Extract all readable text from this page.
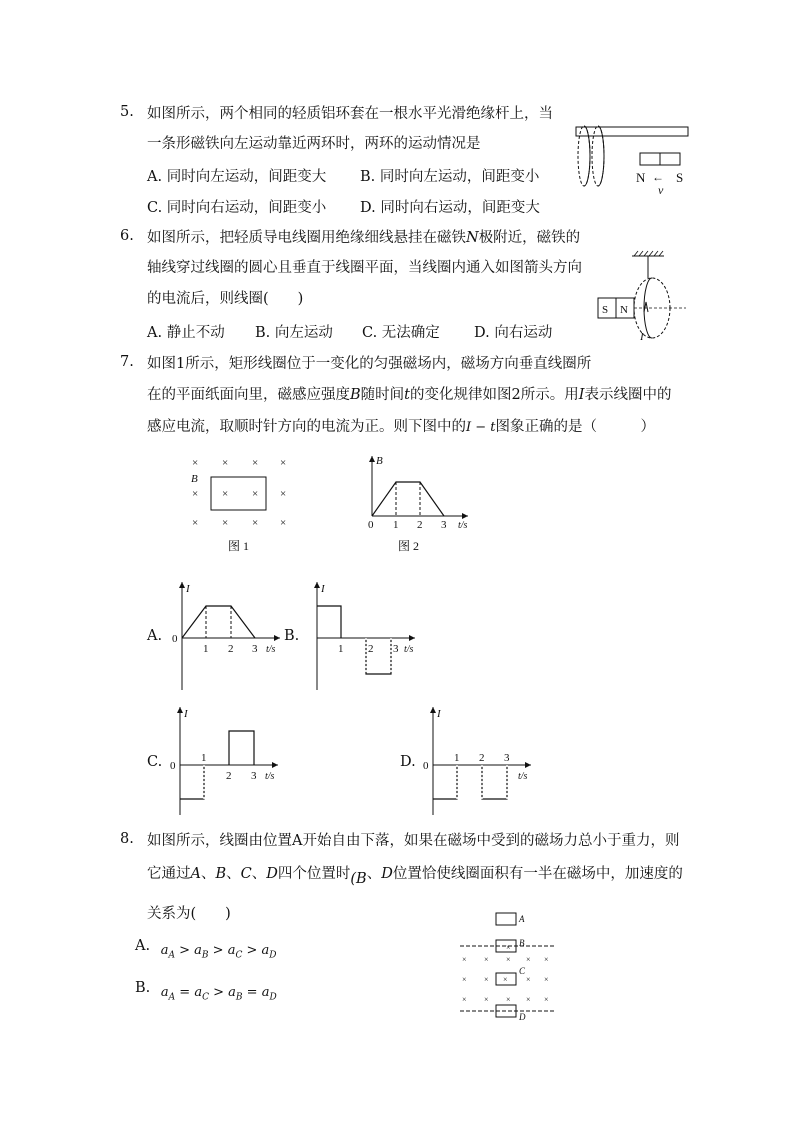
5. 如图所示，两个相同的轻质铝环套在一根水平光滑绝缘杆上，当
一条形磁铁向左运动靠近两环时，两环的运动情况是
A. 同时向左运动，间距变大 B. 同时向左运动，间距变小
C. 同时向右运动，间距变小 D. 同时向右运动，间距变大
N S
←
v
6. 如图所示，把轻质导电线圈用绝缘细线悬挂在磁铁N极附近，磁铁的
轴线穿过线圈的圆心且垂直于线圈平面，当线圈内通入如图箭头方向
的电流后，则线圈(　　)
A. 静止不动 B. 向左运动 C. 无法确定 D. 向右运动
S N
I
7. 如图1所示，矩形线圈位于一变化的匀强磁场内，磁场方向垂直线圈所
在的平面纸面向里，磁感应强度B随时间t的变化规律如图2所示。用I表示线圈中的
感应电流，取顺时针方向的电流为正。则下图中的I − t图象正确的是（　　　）
× × × ×
× × × ×
× × × ×
B
图 1
B
0 1 2 3 t/s
图 2
A.
I
0
1 2 3 t/s
B.
I
1 2 3 t/s
C.
I
0
1
2 3 t/s
D.
I
0
1 2 3
t/s
8. 如图所示，线圈由位置A开始自由下落，如果在磁场中受到的磁场力总小于重力，则
它通过A、B、C、D四个位置时(B、D位置恰使线圈面积有一半在磁场中，加速度的
关系为(　　)
A. $a_A > a_B > a_C > a_D$
B. $a_A = a_C > a_B = a_D$
A
B
C
D
× × × × ×
× × × × ×
× × × × ×
×
